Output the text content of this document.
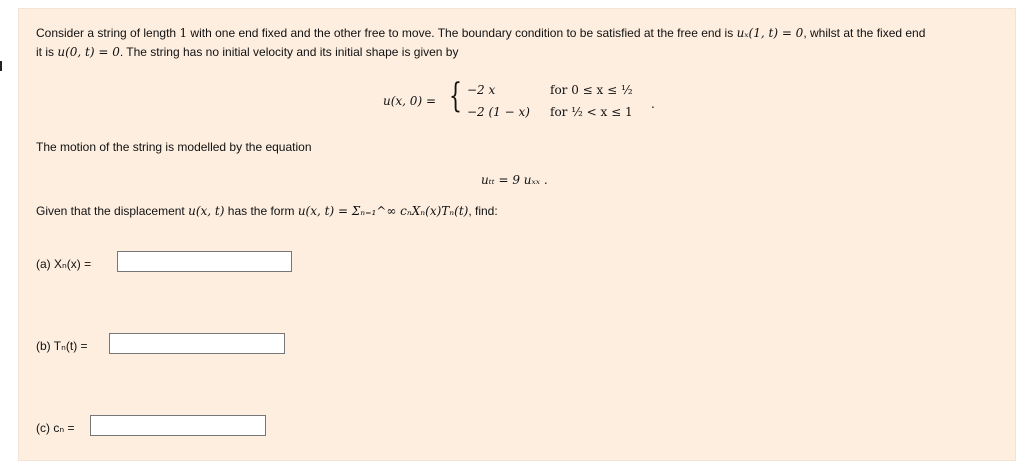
Consider a string of length 1 with one end fixed and the other free to move. The boundary condition to be satisfied at the free end is uₓ(1, t) = 0, whilst at the fixed end
it is u(0, t) = 0. The string has no initial velocity and its initial shape is given by
u(x, 0) = { −2 x	for 0 ≤ x ≤ ½
−2 (1 − x) for ½ < x ≤ 1
.
The motion of the string is modelled by the equation
uₜₜ = 9 uₓₓ .
Given that the displacement u(x, t) has the form u(x, t) = Σₙ₌₁^∞ cₙXₙ(x)Tₙ(t), find:
(a) Xₙ(x) =
(b) Tₙ(t) =
(c) cₙ =
